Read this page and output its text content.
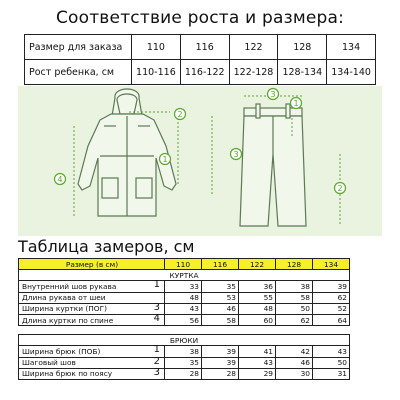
Соответствие роста и размера:
Размер для заказа	110	116	122	128	134
Рост ребенка, см	110-116	116-122	122-128	128-134	134-140
1
2
3
4
1
2
3
Таблица замеров, см
Размер (в см)	110	116	122	128	134
КУРТКА					
Внутренний шов рукава 1	33	35	36	38	39
Длина рукава от шеи	48	53	55	58	62
Ширина куртки (ПОГ) 3	43	46	48	50	52
Длина куртки по спине 4	56	58	60	62	64

БРЮКИ					
Ширина брюк (ПОБ) 1	38	39	41	42	43
Шаговый шов 2	35	39	43	46	50
Ширина брюк по поясу 3	28	28	29	30	31
